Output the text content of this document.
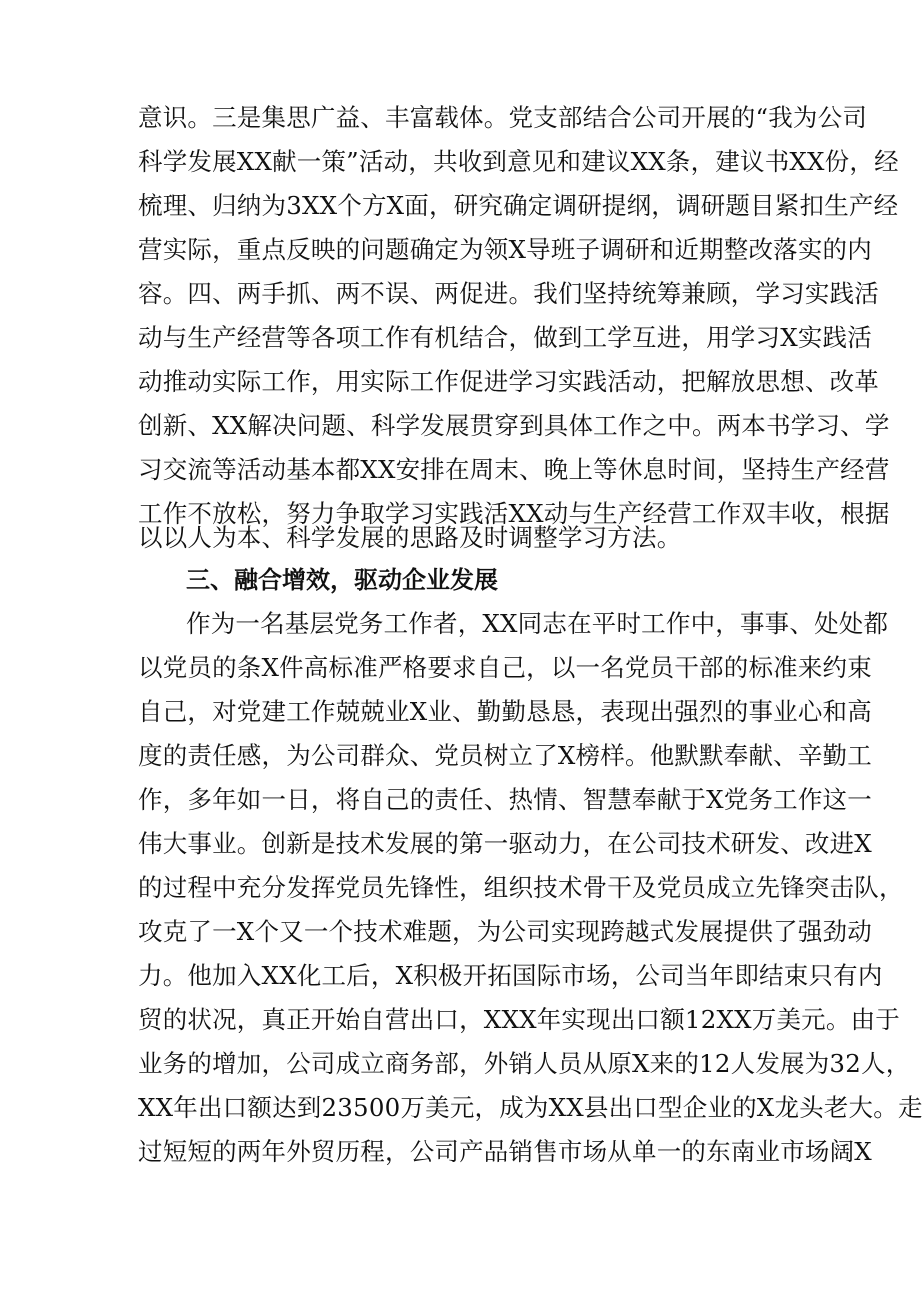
意识。三是集思广益、丰富载体。党支部结合公司开展的“我为公司
科学发展XX献一策”活动，共收到意见和建议XX条，建议书XX份，经
梳理、归纳为3XX个方X面，研究确定调研提纲，调研题目紧扣生产经
营实际，重点反映的问题确定为领X导班子调研和近期整改落实的内
容。四、两手抓、两不误、两促进。我们坚持统筹兼顾，学习实践活
动与生产经营等各项工作有机结合，做到工学互进，用学习X实践活
动推动实际工作，用实际工作促进学习实践活动，把解放思想、改革
创新、XX解决问题、科学发展贯穿到具体工作之中。两本书学习、学
习交流等活动基本都XX安排在周末、晚上等休息时间，坚持生产经营
工作不放松，努力争取学习实践活XX动与生产经营工作双丰收，根据
以以人为本、科学发展的思路及时调整学习方法。
三、融合增效，驱动企业发展
作为一名基层党务工作者，XX同志在平时工作中，事事、处处都
以党员的条X件高标准严格要求自己，以一名党员干部的标准来约束
自己，对党建工作兢兢业X业、勤勤恳恳，表现出强烈的事业心和高
度的责任感，为公司群众、党员树立了X榜样。他默默奉献、辛勤工
作，多年如一日，将自己的责任、热情、智慧奉献于X党务工作这一
伟大事业。创新是技术发展的第一驱动力，在公司技术研发、改进X
的过程中充分发挥党员先锋性，组织技术骨干及党员成立先锋突击队，
攻克了一X个又一个技术难题，为公司实现跨越式发展提供了强劲动
力。他加入XX化工后，X积极开拓国际市场，公司当年即结束只有内
贸的状况，真正开始自营出口，XXX年实现出口额12XX万美元。由于
业务的增加，公司成立商务部，外销人员从原X来的12人发展为32人，
XX年出口额达到23500万美元，成为XX县出口型企业的X龙头老大。走
过短短的两年外贸历程，公司产品销售市场从单一的东南业市场阔X
